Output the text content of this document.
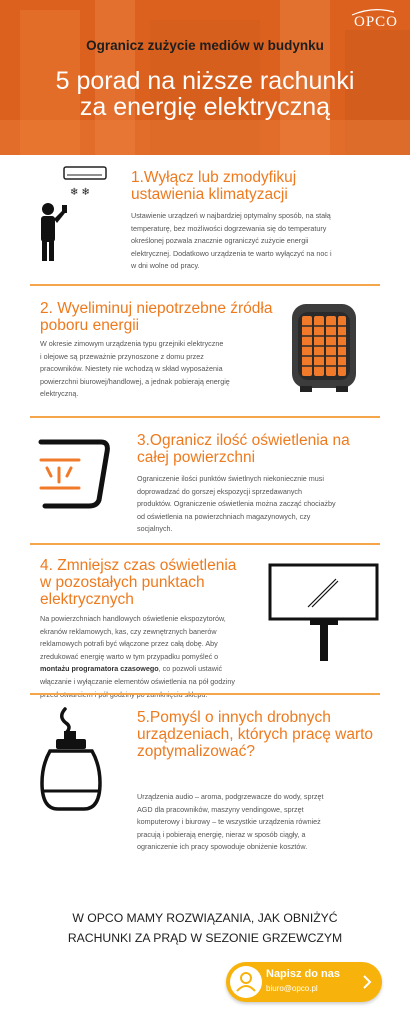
OPCO
Ogranicz zużycie mediów w budynku
5 porad na niższe rachunki
za energię elektryczną
❄ ❄
1.Wyłącz lub zmodyfikuj
ustawienia klimatyzacji
Ustawienie urządzeń w najbardziej optymalny sposób, na stałą
temperaturę, bez możliwości dogrzewania się do temperatury
określonej pozwala znacznie ograniczyć zużycie energii
elektrycznej. Dodatkowo urządzenia te warto wyłączyć na noc i
w dni wolne od pracy.
2. Wyeliminuj niepotrzebne źródła
poboru energii
W okresie zimowym urządzenia typu grzejniki elektryczne
i olejowe są przeważnie przynoszone z domu przez
pracowników. Niestety nie wchodzą w skład wyposażenia
powierzchni biurowej/handlowej, a jednak pobierają energię
elektryczną.
3.Ogranicz ilość oświetlenia na
całej powierzchni
Ograniczenie ilości punktów świetlnych niekoniecznie musi
doprowadzać do gorszej ekspozycji sprzedawanych
produktów. Ograniczenie oświetlenia można zacząć chociażby
od oświetlenia na powierzchniach magazynowych, czy
socjalnych.
4. Zmniejsz czas oświetlenia
w pozostałych punktach
elektrycznych
Na powierzchniach handlowych oświetlenie ekspozytorów,
ekranów reklamowych, kas, czy zewnętrznych banerów
reklamowych potrafi być włączone przez całą dobę. Aby
zredukować energię warto w tym przypadku pomyśleć o
montażu programatora czasowego, co pozwoli ustawić
włączanie i wyłączanie elementów oświetlenia na pół godziny
5.Pomyśl o innych drobnych
urządzeniach, których pracę warto
zoptymalizować?
Urządzenia audio – aroma, podgrzewacze do wody, sprzęt
AGD dla pracowników, maszyny vendingowe, sprzęt
komputerowy i biurowy – te wszystkie urządzenia również
pracują i pobierają energię, nieraz w sposób ciągły, a
ograniczenie ich pracy spowoduje obniżenie kosztów.
W OPCO MAMY ROZWIĄZANIA, JAK OBNIŻYĆ
RACHUNKI ZA PRĄD W SEZONIE GRZEWCZYM
Napisz do nas
biuro@opco.pl
